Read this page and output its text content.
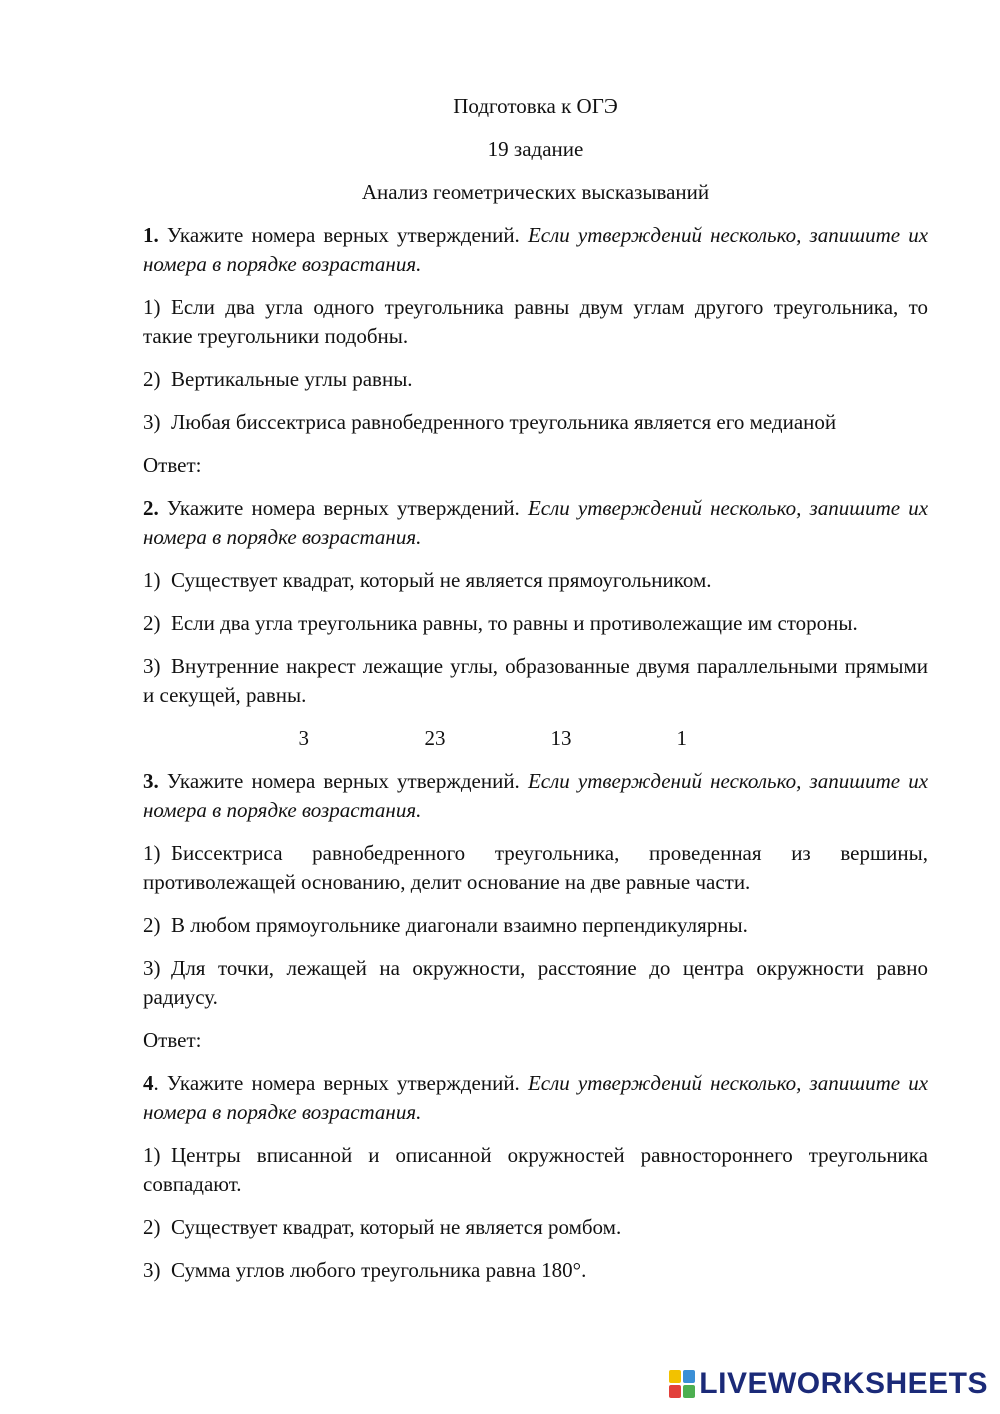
Подготовка к ОГЭ

19 задание

Анализ геометрических высказываний

1. Укажите номера верных утверждений. Если утверждений несколько, запишите их номера в порядке возрастания.

1) Если два угла одного треугольника равны двум углам другого треугольника, то такие треугольники подобны.

2) Вертикальные углы равны.

3) Любая биссектриса равнобедренного треугольника является его медианой

Ответ:

2. Укажите номера верных утверждений. Если утверждений несколько, запишите их номера в порядке возрастания.

1) Существует квадрат, который не является прямоугольником.

2) Если два угла треугольника равны, то равны и противолежащие им стороны.

3) Внутренние накрест лежащие углы, образованные двумя параллельными прямыми и секущей, равны.

3	23	13	1

3. Укажите номера верных утверждений. Если утверждений несколько, запишите их номера в порядке возрастания.

1) Биссектриса равнобедренного треугольника, проведенная из вершины, противолежащей основанию, делит основание на две равные части.

2) В любом прямоугольнике диагонали взаимно перпендикулярны.

3) Для точки, лежащей на окружности, расстояние до центра окружности равно радиусу.

Ответ:

4. Укажите номера верных утверждений. Если утверждений несколько, запишите их номера в порядке возрастания.

1) Центры вписанной и описанной окружностей равностороннего треугольника совпадают.

2) Существует квадрат, который не является ромбом.

3) Сумма углов любого треугольника равна 180°.

LIVEWORKSHEETS
